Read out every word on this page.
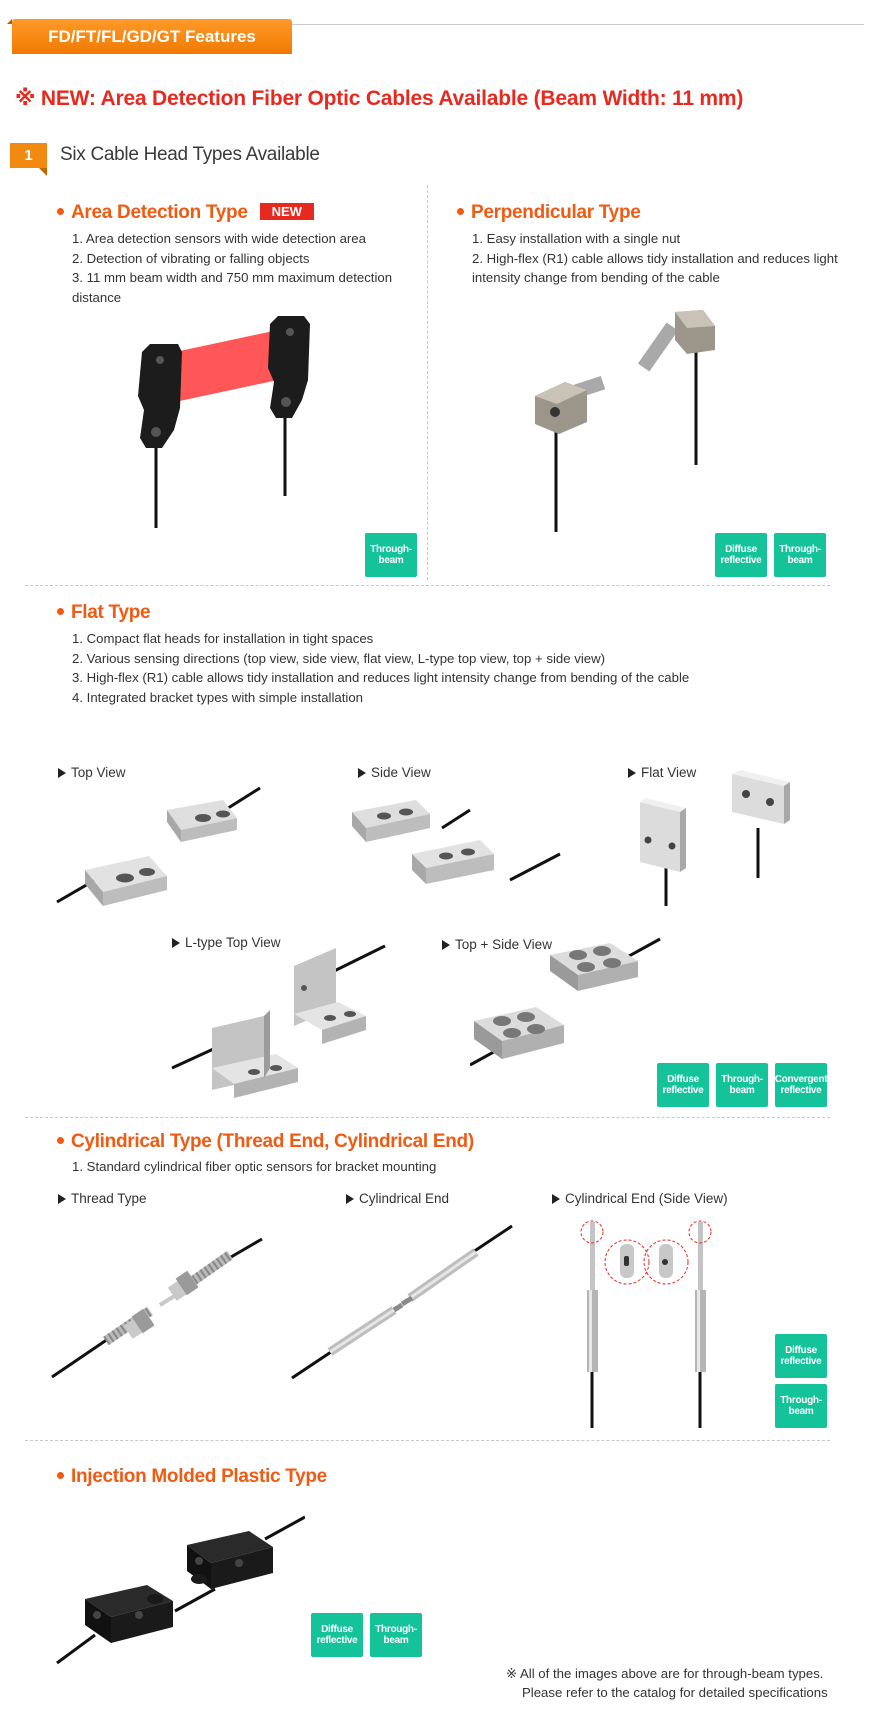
FD/FT/FL/GD/GT Features
※ NEW: Area Detection Fiber Optic Cables Available (Beam Width: 11 mm)
1	Six Cable Head Types Available
Area Detection Type NEW
1. Area detection sensors with wide detection area
2. Detection of vibrating or falling objects
3. 11 mm beam width and 750 mm maximum detection distance
Through-beam
Perpendicular Type
1. Easy installation with a single nut
2. High-flex (R1) cable allows tidy installation and reduces light intensity change from bending of the cable
Diffuse reflective
Through-beam
Flat Type
1. Compact flat heads for installation in tight spaces
2. Various sensing directions (top view, side view, flat view, L-type top view, top + side view)
3. High-flex (R1) cable allows tidy installation and reduces light intensity change from bending of the cable
4. Integrated bracket types with simple installation
Top View	Side View	Flat View
L-type Top View	Top + Side View
Diffuse reflective
Through-beam
Convergent reflective
Cylindrical Type (Thread End, Cylindrical End)
1. Standard cylindrical fiber optic sensors for bracket mounting
Thread Type	Cylindrical End	Cylindrical End (Side View)
Diffuse reflective
Through-beam
Injection Molded Plastic Type
Diffuse reflective
Through-beam
※ All of the images above are for through-beam types.
Please refer to the catalog for detailed specifications
